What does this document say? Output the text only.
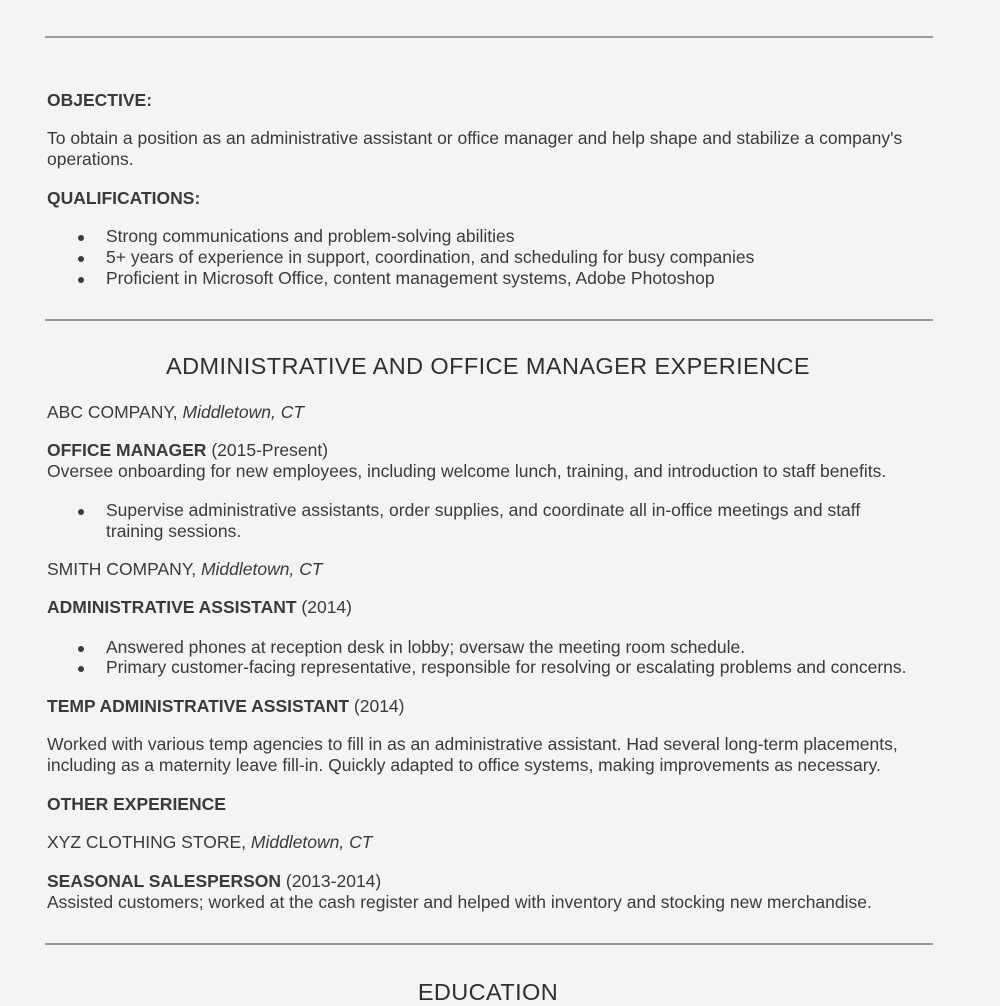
OBJECTIVE:
To obtain a position as an administrative assistant or office manager and help shape and stabilize a company's
operations.
QUALIFICATIONS:
Strong communications and problem-solving abilities
5+ years of experience in support, coordination, and scheduling for busy companies
Proficient in Microsoft Office, content management systems, Adobe Photoshop
ADMINISTRATIVE AND OFFICE MANAGER EXPERIENCE
ABC COMPANY, Middletown, CT
OFFICE MANAGER (2015-Present)
Oversee onboarding for new employees, including welcome lunch, training, and introduction to staff benefits.
Supervise administrative assistants, order supplies, and coordinate all in-office meetings and staff
training sessions.
SMITH COMPANY, Middletown, CT
ADMINISTRATIVE ASSISTANT (2014)
Answered phones at reception desk in lobby; oversaw the meeting room schedule.
Primary customer-facing representative, responsible for resolving or escalating problems and concerns.
TEMP ADMINISTRATIVE ASSISTANT (2014)
Worked with various temp agencies to fill in as an administrative assistant. Had several long-term placements,
including as a maternity leave fill-in. Quickly adapted to office systems, making improvements as necessary.
OTHER EXPERIENCE
XYZ CLOTHING STORE, Middletown, CT
SEASONAL SALESPERSON (2013-2014)
Assisted customers; worked at the cash register and helped with inventory and stocking new merchandise.
EDUCATION
